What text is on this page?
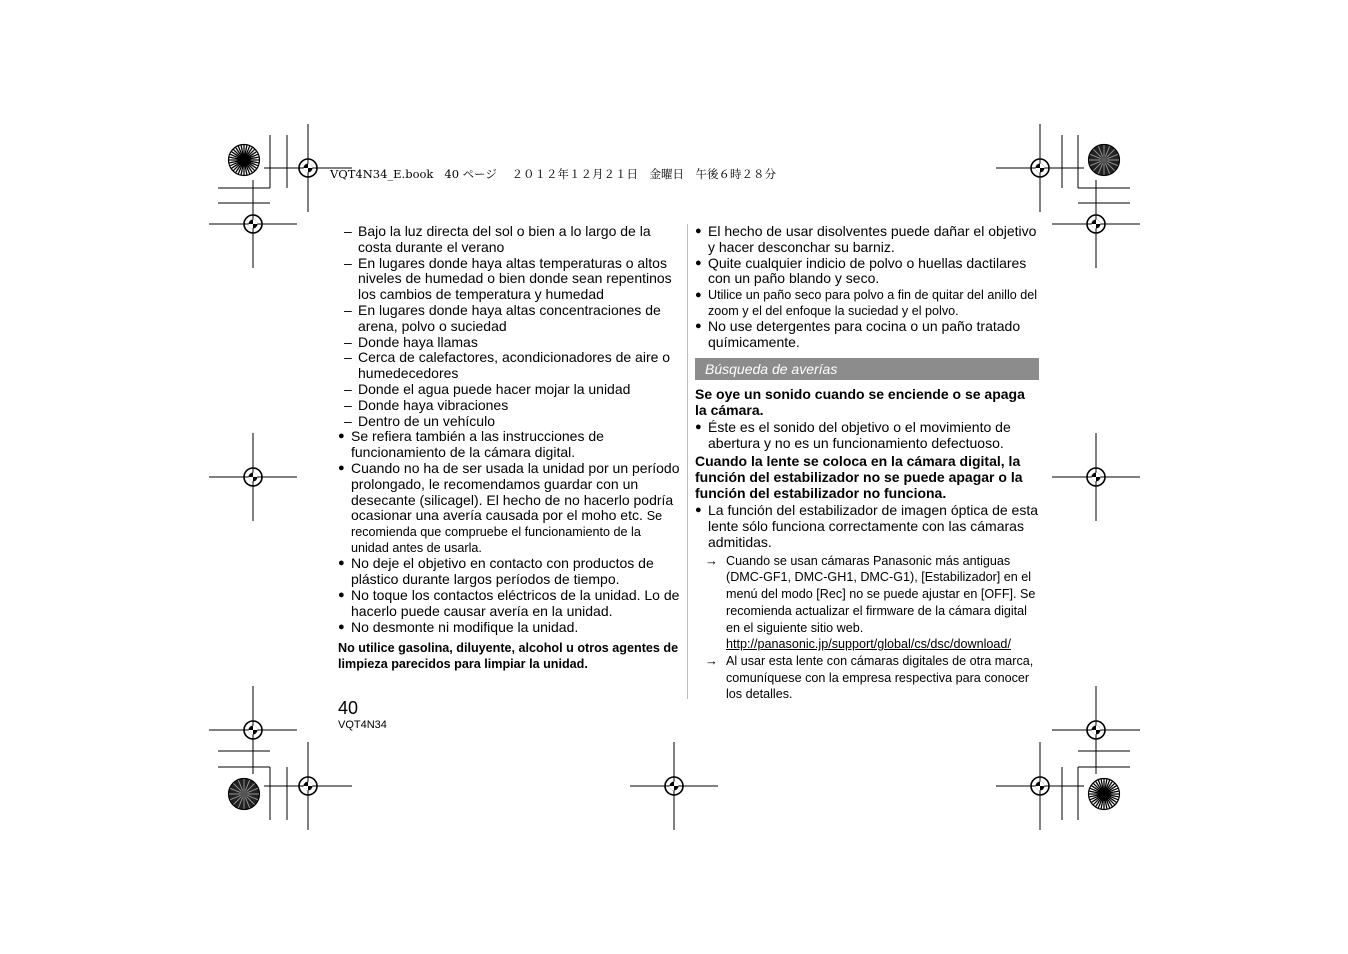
VQT4N34_E.book 40 ページ ２０１２年１２月２１日　金曜日　午後６時２８分
– Bajo la luz directa del sol o bien a lo largo de la costa durante el verano
– En lugares donde haya altas temperaturas o altos niveles de humedad o bien donde sean repentinos los cambios de temperatura y humedad
– En lugares donde haya altas concentraciones de arena, polvo o suciedad
– Donde haya llamas
– Cerca de calefactores, acondicionadores de aire o humedecedores
– Donde el agua puede hacer mojar la unidad
– Donde haya vibraciones
– Dentro de un vehículo
● Se refiera también a las instrucciones de funcionamiento de la cámara digital.
● Cuando no ha de ser usada la unidad por un período prolongado, le recomendamos guardar con un desecante (silicagel). El hecho de no hacerlo podría ocasionar una avería causada por el moho etc. Se recomienda que compruebe el funcionamiento de la unidad antes de usarla.
● No deje el objetivo en contacto con productos de plástico durante largos períodos de tiempo.
● No toque los contactos eléctricos de la unidad. Lo de hacerlo puede causar avería en la unidad.
● No desmonte ni modifique la unidad.
No utilice gasolina, diluyente, alcohol u otros agentes de limpieza parecidos para limpiar la unidad.
● El hecho de usar disolventes puede dañar el objetivo y hacer desconchar su barniz.
● Quite cualquier indicio de polvo o huellas dactilares con un paño blando y seco.
● Utilice un paño seco para polvo a fin de quitar del anillo del zoom y el del enfoque la suciedad y el polvo.
● No use detergentes para cocina o un paño tratado químicamente.
Búsqueda de averías
Se oye un sonido cuando se enciende o se apaga la cámara.
● Éste es el sonido del objetivo o el movimiento de abertura y no es un funcionamiento defectuoso.
Cuando la lente se coloca en la cámara digital, la función del estabilizador no se puede apagar o la función del estabilizador no funciona.
● La función del estabilizador de imagen óptica de esta lente sólo funciona correctamente con las cámaras admitidas.
→ Cuando se usan cámaras Panasonic más antiguas (DMC-GF1, DMC-GH1, DMC-G1), [Estabilizador] en el menú del modo [Rec] no se puede ajustar en [OFF]. Se recomienda actualizar el firmware de la cámara digital en el siguiente sitio web. http://panasonic.jp/support/global/cs/dsc/download/
→ Al usar esta lente con cámaras digitales de otra marca, comuníquese con la empresa respectiva para conocer los detalles.
40
VQT4N34
